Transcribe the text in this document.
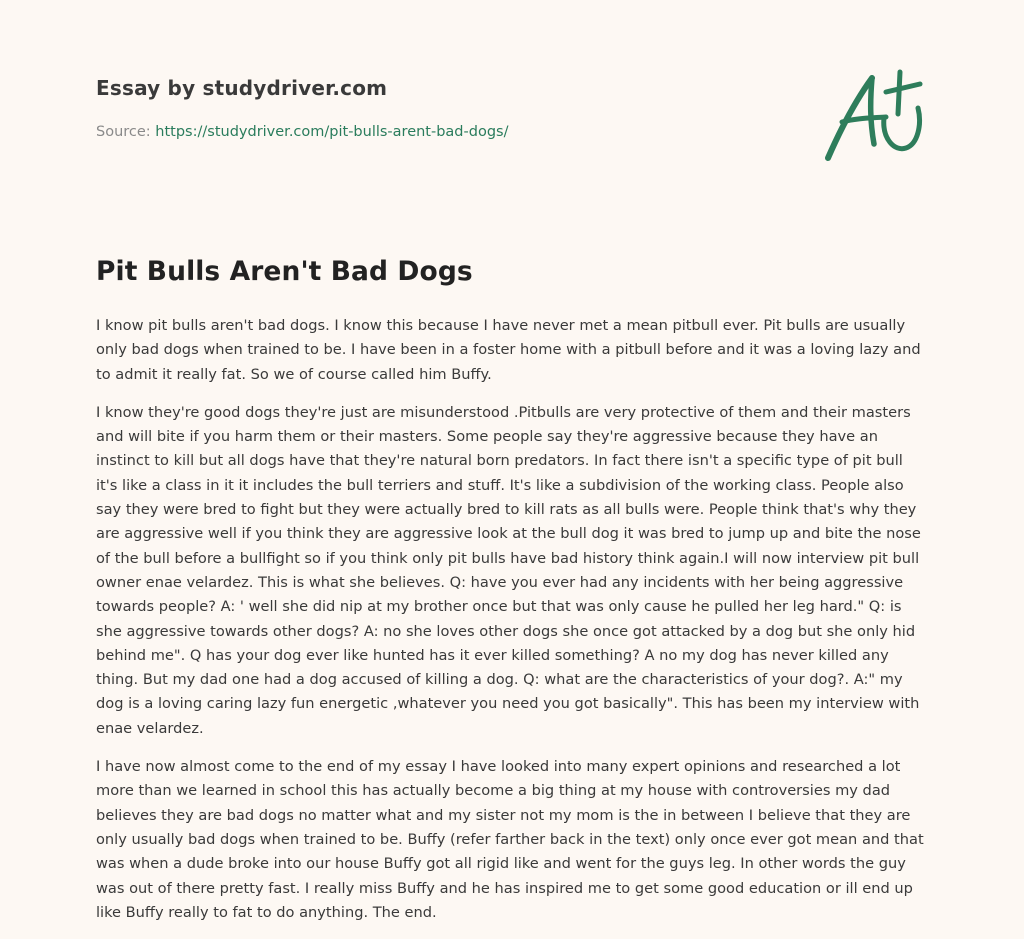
Essay by studydriver.com

Source: https://studydriver.com/pit-bulls-arent-bad-dogs/

Pit Bulls Aren't Bad Dogs

I know pit bulls aren't bad dogs. I know this because I have never met a mean pitbull ever. Pit bulls are usually only bad dogs when trained to be. I have been in a foster home with a pitbull before and it was a loving lazy and to admit it really fat. So we of course called him Buffy.

I know they're good dogs they're just are misunderstood .Pitbulls are very protective of them and their masters and will bite if you harm them or their masters. Some people say they're aggressive because they have an instinct to kill but all dogs have that they're natural born predators. In fact there isn't a specific type of pit bull it's like a class in it it includes the bull terriers and stuff. It's like a subdivision of the working class. People also say they were bred to fight but they were actually bred to kill rats as all bulls were. People think that's why they are aggressive well if you think they are aggressive look at the bull dog it was bred to jump up and bite the nose of the bull before a bullfight so if you think only pit bulls have bad history think again.I will now interview pit bull owner enae velardez. This is what she believes. Q: have you ever had any incidents with her being aggressive towards people? A: ' well she did nip at my brother once but that was only cause he pulled her leg hard." Q: is she aggressive towards other dogs? A: no she loves other dogs she once got attacked by a dog but she only hid behind me". Q has your dog ever like hunted has it ever killed something? A no my dog has never killed any thing. But my dad one had a dog accused of killing a dog. Q: what are the characteristics of your dog?. A:" my dog is a loving caring lazy fun energetic ,whatever you need you got basically". This has been my interview with enae velardez.

I have now almost come to the end of my essay I have looked into many expert opinions and researched a lot more than we learned in school this has actually become a big thing at my house with controversies my dad believes they are bad dogs no matter what and my sister not my mom is the in between I believe that they are only usually bad dogs when trained to be. Buffy (refer farther back in the text) only once ever got mean and that was when a dude broke into our house Buffy got all rigid like and went for the guys leg. In other words the guy was out of there pretty fast. I really miss Buffy and he has inspired me to get some good education or ill end up like Buffy really to fat to do anything. The end.
